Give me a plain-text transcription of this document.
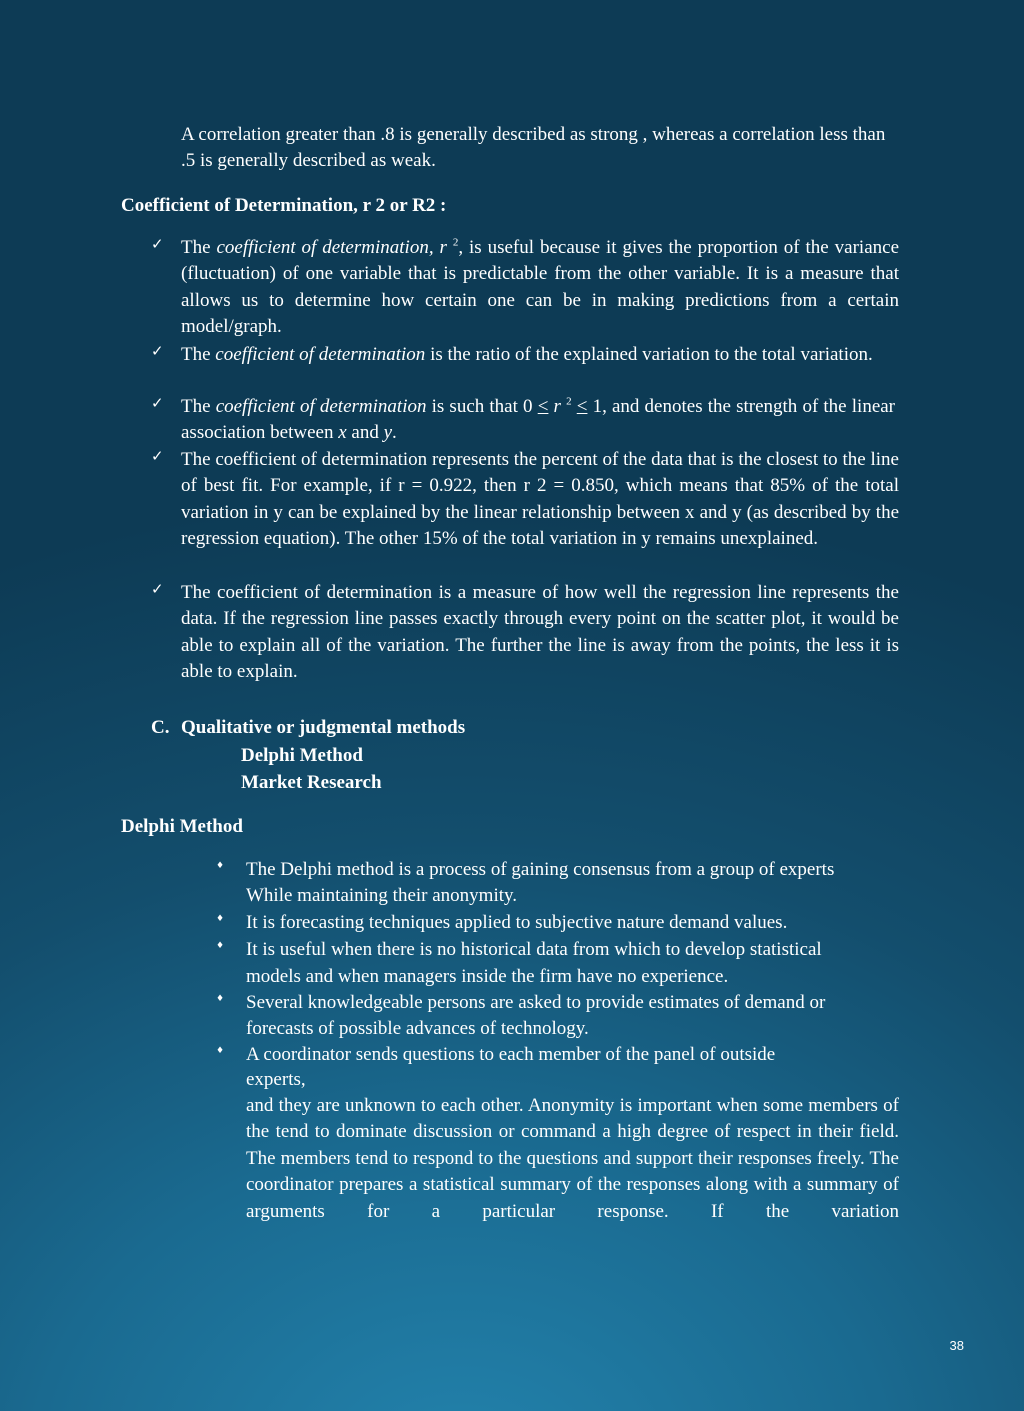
A correlation greater than .8 is generally described as strong , whereas a correlation less than .5 is generally described as weak.

Coefficient of Determination, r 2 or R2 :

✓ The coefficient of determination, r $^2$, is useful because it gives the proportion of the variance (fluctuation) of one variable that is predictable from the other variable. It is a measure that allows us to determine how certain one can be in making predictions from a certain model/graph.

✓ The coefficient of determination is the ratio of the explained variation to the total variation.

✓ The coefficient of determination is such that 0 ≤ r $^2$ ≤ 1, and denotes the strength of the linear association between x and y.

✓ The coefficient of determination represents the percent of the data that is the closest to the line of best fit. For example, if r = 0.922, then r 2 = 0.850, which means that 85% of the total variation in y can be explained by the linear relationship between x and y (as described by the regression equation). The other 15% of the total variation in y remains unexplained.

✓ The coefficient of determination is a measure of how well the regression line represents the data. If the regression line passes exactly through every point on the scatter plot, it would be able to explain all of the variation. The further the line is away from the points, the less it is able to explain.

C. Qualitative or judgmental methods

Delphi Method

Market Research

Delphi Method

♦ The Delphi method is a process of gaining consensus from a group of experts

While maintaining their anonymity.

♦ It is forecasting techniques applied to subjective nature demand values.

♦ It is useful when there is no historical data from which to develop statistical

models and when managers inside the firm have no experience.

♦ Several knowledgeable persons are asked to provide estimates of demand or

forecasts of possible advances of technology.

♦ A coordinator sends questions to each member of the panel of outside

experts,

and they are unknown to each other. Anonymity is important when some members of the tend to dominate discussion or command a high degree of respect in their field. The members tend to respond to the questions and support their responses freely. The coordinator prepares a statistical summary of the responses along with a summary of arguments for a particular response. If the variation

38
